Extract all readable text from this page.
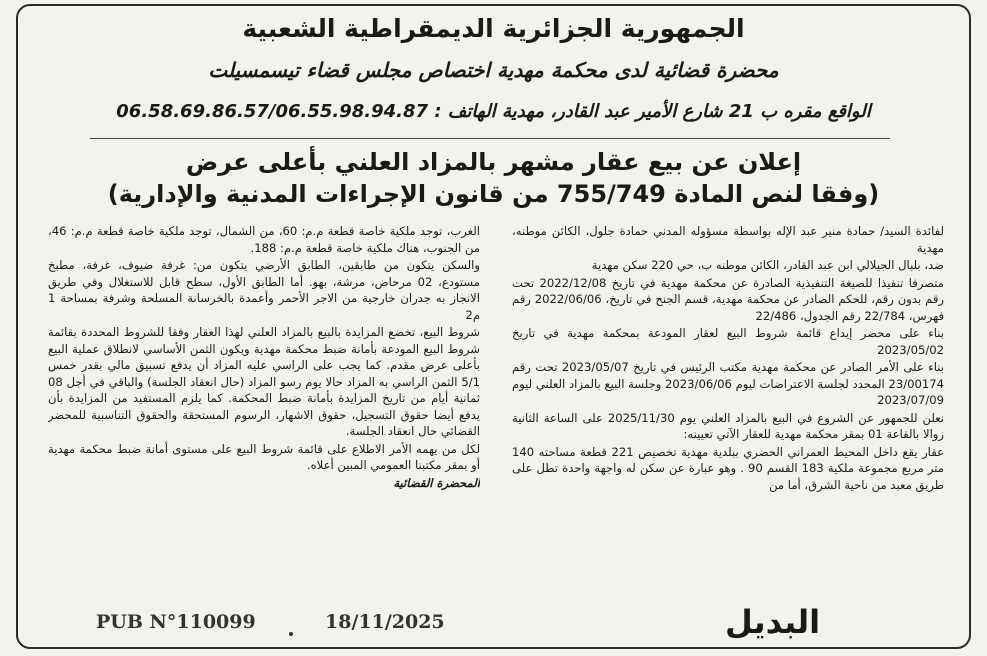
الجمهورية الجزائرية الديمقراطية الشعبية
محضرة قضائية لدى محكمة مهدية اختصاص مجلس قضاء تيسمسيلت
الواقع مقره ب 21 شارع الأمير عبد القادر، مهدية الهاتف : 06.58.69.86.57/06.55.98.94.87
إعلان عن بيع عقار مشهر بالمزاد العلني بأعلى عرض
(وفقا لنص المادة 755/749 من قانون الإجراءات المدنية والإدارية)

لفائدة السيد/ حمادة منير عبد الإله بواسطة مسؤوله المدني حمادة جلول، الكائن موطنه، مهدية

ضد، بلبال الجيلالي ابن عبد القادر، الكائن موطنه ب، حي 220 سكن مهدية

متصرفا تنفيذا للصيغة التنفيذية الصادرة عن محكمة مهدية في تاريخ 2022/12/08 تحت رقم بدون رقم، للحكم الصادر عن محكمة مهدية، قسم الجنح في تاريخ، 2022/06/06 رقم فهرس، 22/784 رقم الجدول، 22/486

بناء على محضر إيداع قائمة شروط البيع لعقار المودعة بمحكمة مهدية في تاريخ 2023/05/02

بناء على الأمر الصادر عن محكمة مهدية مكتب الرئيس في تاريخ 2023/05/07 تحت رقم 23/00174 المحدد لجلسة الاعتراضات ليوم 2023/06/06 وجلسة البيع بالمزاد العلني ليوم 2023/07/09

نعلن للجمهور عن الشروع في البيع بالمزاد العلني يوم 2025/11/30 على الساعة الثانية زوالا بالقاعة 01 بمقر محكمة مهدية للعقار الآتي تعيينه:

عقار يقع داخل المحيط العمراني الحضري ببلدية مهدية تخصيص 221 قطعة مساحته 140 متر مربع مجموعة ملكية 183 القسم 90 . وهو عبارة عن سكن له واجهة واحدة تطل على طريق معبد من ناحية الشرق، أما من

الغرب، توجد ملكية خاصة قطعة م.م: 60، من الشمال، توجد ملكية خاصة قطعة م.م: 46، من الجنوب، هناك ملكية خاصة قطعة م.م: 188.

والسكن يتكون من طابقين، الطابق الأرضي يتكون من: غرفة ضيوف، غرفة، مطبخ مستودع، 02 مرحاض، مرشة، بهو. أما الطابق الأول، سطح قابل للاستغلال وفي طريق الانجاز به جدران خارجية من الاجر الأحمر وأعمدة بالخرسانة المسلحة وشرفة بمساحة 1 م2

شروط البيع، تخضع المزايدة بالبيع بالمزاد العلني لهذا العقار وفقا للشروط المحددة بقائمة شروط البيع المودعة بأمانة ضبط محكمة مهدية ويكون الثمن الأساسي لانطلاق عملية البيع بأعلى عرض مقدم. كما يجب على الراسي عليه المزاد أن يدفع تسبيق مالي بقدر خمس 5/1 الثمن الراسي به المزاد حالا يوم رسو المزاد (حال انعقاد الجلسة) والباقي في أجل 08 ثمانية أيام من تاريخ المزايدة بأمانة ضبط المحكمة. كما يلزم المستفيد من المزايدة بأن يدفع أيضا حقوق التسجيل، حقوق الاشهار، الرسوم المستحقة والحقوق التناسبية للمحضر القضائي حال انعقاد الجلسة.

لكل من يهمه الأمر الاطلاع على قائمة شروط البيع على مستوى أمانة ضبط محكمة مهدية أو بمقر مكتبنا العمومي المبين أعلاه.

المحضرة القضائية

PUB N°110099	18/11/2025	البديل
